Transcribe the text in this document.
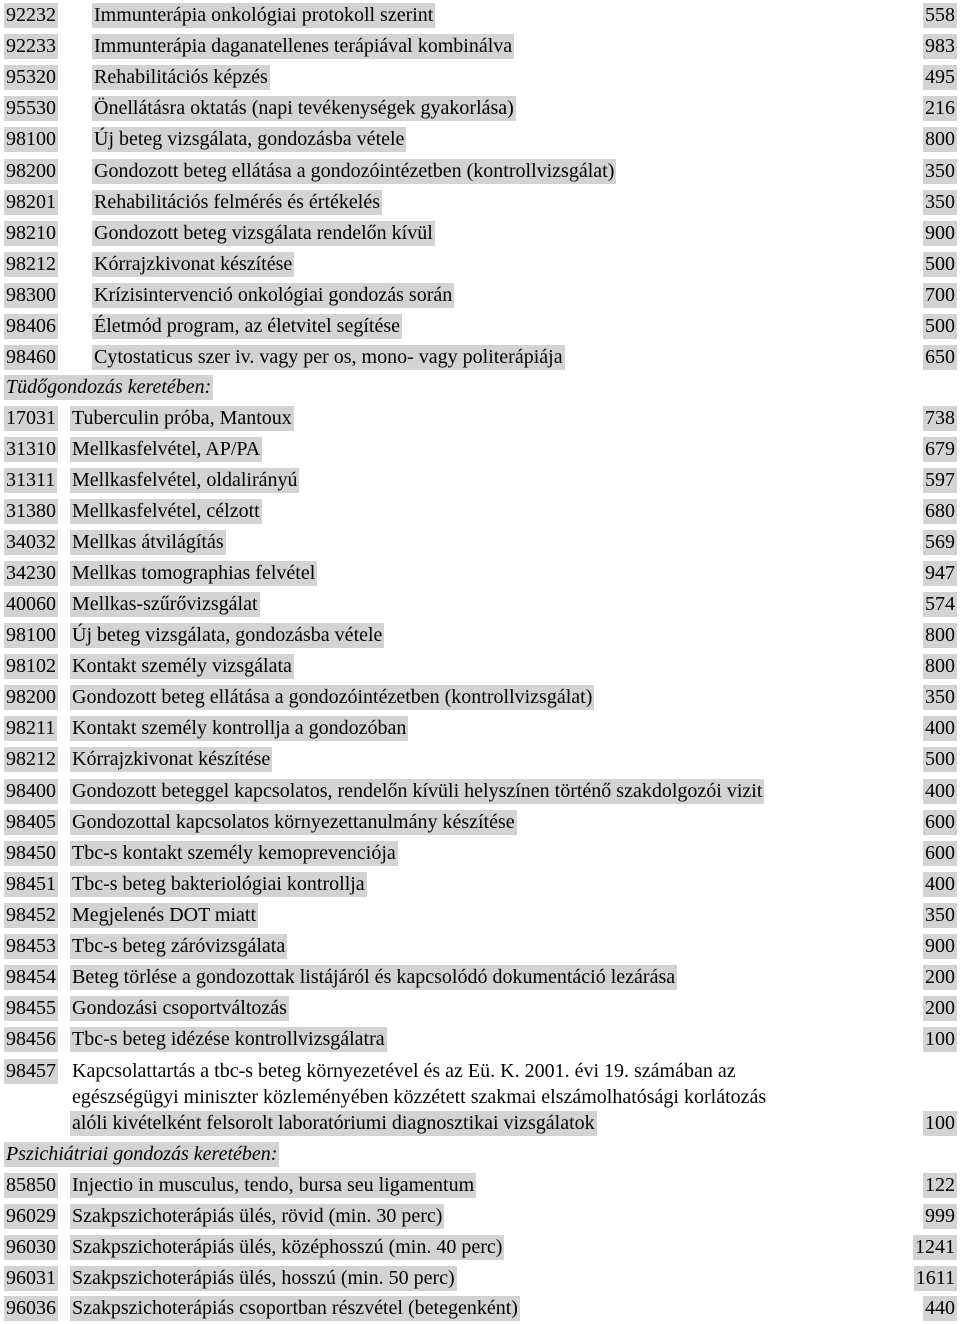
92232 Immunterápia onkológiai protokoll szerint	558
92233 Immunterápia daganatellenes terápiával kombinálva	983
95320 Rehabilitációs képzés	495
95530 Önellátásra oktatás (napi tevékenységek gyakorlása)	216
98100 Új beteg vizsgálata, gondozásba vétele	800
98200 Gondozott beteg ellátása a gondozóintézetben (kontrollvizsgálat)	350
98201 Rehabilitációs felmérés és értékelés	350
98210 Gondozott beteg vizsgálata rendelőn kívül	900
98212 Kórrajzkivonat készítése	500
98300 Krízisintervenció onkológiai gondozás során	700
98406 Életmód program, az életvitel segítése	500
98460 Cytostaticus szer iv. vagy per os, mono- vagy politerápiája	650
Tüdőgondozás keretében:
17031 Tuberculin próba, Mantoux	738
31310 Mellkasfelvétel, AP/PA	679
31311 Mellkasfelvétel, oldalirányú	597
31380 Mellkasfelvétel, célzott	680
34032 Mellkas átvilágítás	569
34230 Mellkas tomographias felvétel	947
40060 Mellkas-szűrővizsgálat	574
98100 Új beteg vizsgálata, gondozásba vétele	800
98102 Kontakt személy vizsgálata	800
98200 Gondozott beteg ellátása a gondozóintézetben (kontrollvizsgálat)	350
98211 Kontakt személy kontrollja a gondozóban	400
98212 Kórrajzkivonat készítése	500
98400 Gondozott beteggel kapcsolatos, rendelőn kívüli helyszínen történő szakdolgozói vizit	400
98405 Gondozottal kapcsolatos környezettanulmány készítése	600
98450 Tbc-s kontakt személy kemoprevenciója	600
98451 Tbc-s beteg bakteriológiai kontrollja	400
98452 Megjelenés DOT miatt	350
98453 Tbc-s beteg záróvizsgálata	900
98454 Beteg törlése a gondozottak listájáról és kapcsolódó dokumentáció lezárása	200
98455 Gondozási csoportváltozás	200
98456 Tbc-s beteg idézése kontrollvizsgálatra	100
98457 Kapcsolattartás a tbc-s beteg környezetével és az Eü. K. 2001. évi 19. számában az
egészségügyi miniszter közleményében közzétett szakmai elszámolhatósági korlátozás
alóli kivételként felsorolt laboratóriumi diagnosztikai vizsgálatok	100
Pszichiátriai gondozás keretében:
85850 Injectio in musculus, tendo, bursa seu ligamentum	122
96029 Szakpszichoterápiás ülés, rövid (min. 30 perc)	999
96030 Szakpszichoterápiás ülés, középhosszú (min. 40 perc)	1241
96031 Szakpszichoterápiás ülés, hosszú (min. 50 perc)	1611
96036 Szakpszichoterápiás csoportban részvétel (betegenként)	440
